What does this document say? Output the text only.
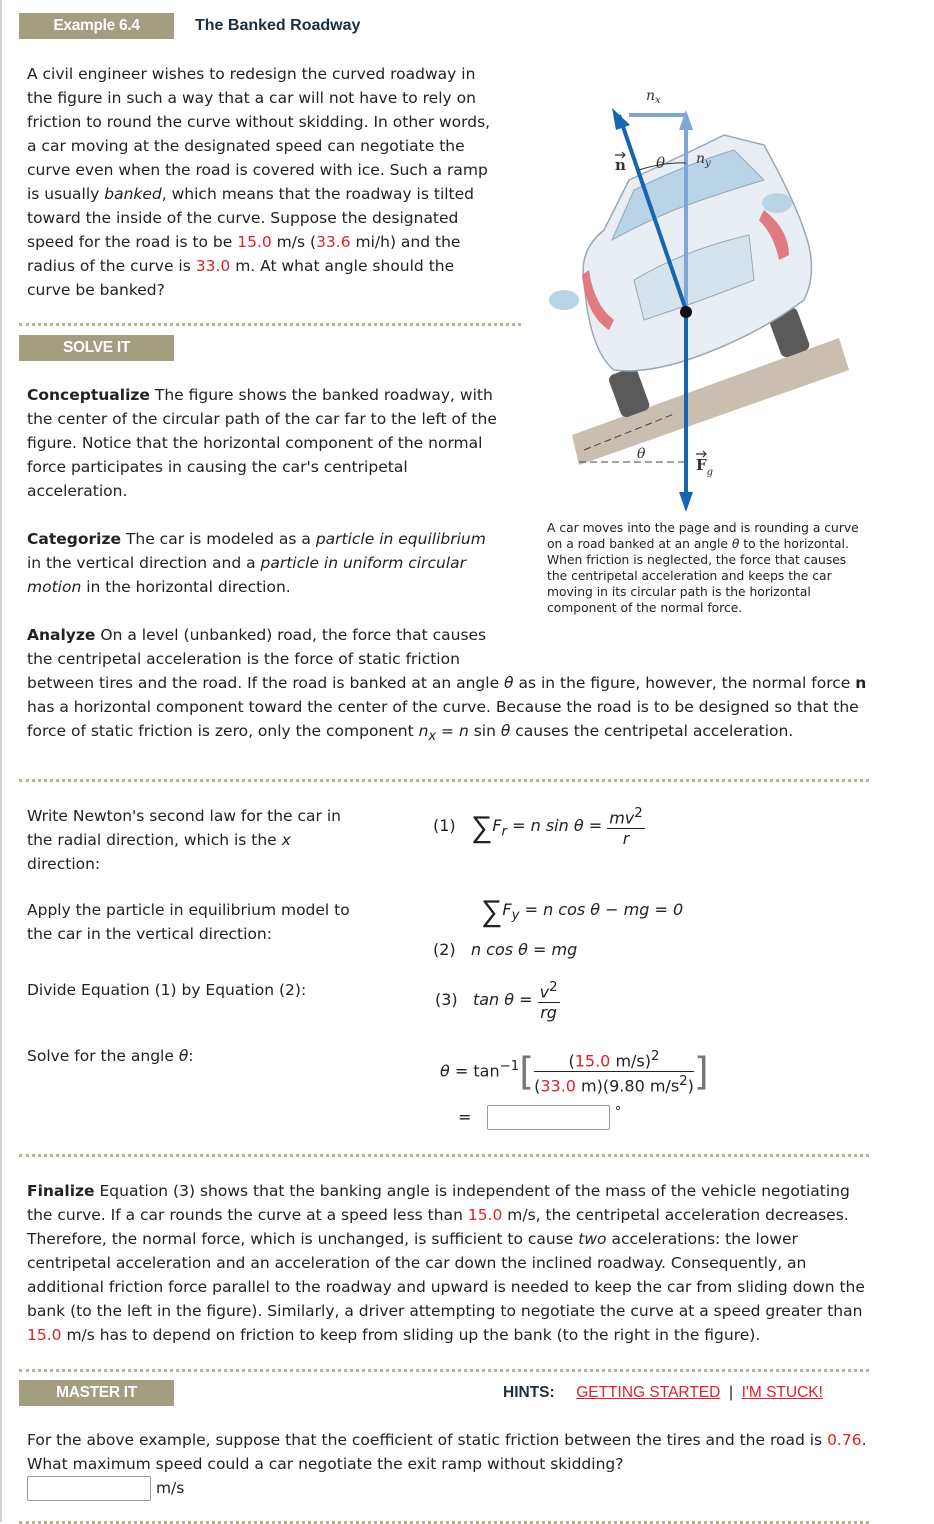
Example 6.4	The Banked Roadway
$n_x$
$n_y$
n θ
θ
$F_g$

A car moves into the page and is rounding a curve on a road banked at an angle θ to the horizontal. When friction is neglected, the force that causes the centripetal acceleration and keeps the car moving in its circular path is the horizontal component of the normal force.

A civil engineer wishes to redesign the curved roadway in the figure in such a way that a car will not have to rely on friction to round the curve without skidding. In other words, a car moving at the designated speed can negotiate the curve even when the road is covered with ice. Such a ramp is usually banked, which means that the roadway is tilted toward the inside of the curve. Suppose the designated speed for the road is to be 15.0 m/s (33.6 mi/h) and the radius of the curve is 33.0 m. At what angle should the curve be banked?

SOLVE IT

Conceptualize The figure shows the banked roadway, with the center of the circular path of the car far to the left of the figure. Notice that the horizontal component of the normal force participates in causing the car's centripetal acceleration.

Categorize The car is modeled as a particle in equilibrium in the vertical direction and a particle in uniform circular motion in the horizontal direction.

Analyze On a level (unbanked) road, the force that causes the centripetal acceleration is the force of static friction between tires and the road. If the road is banked at an angle θ as in the figure, however, the normal force n has a horizontal component toward the center of the curve. Because the road is to be designed so that the force of static friction is zero, only the component $n_x = n$ sin θ causes the centripetal acceleration.

Write Newton's second law for the car in the radial direction, which is the x direction:

(1) $\sum F_r = n$ $\sin \theta = \frac{mv^2}{r}$

Apply the particle in equilibrium model to the car in the vertical direction:

$\sum F_y = n$ cos θ − mg = 0
(2) n cos θ = mg

Divide Equation (1) by Equation (2):

(3) $\tan \theta = \frac{v^2}{rg}$

Solve for the angle θ:

$\theta = \tan^{-1}[ \frac{(15.0 m/s)^2}{(33.0 m)(9.80 m/s^2)}$ ]
=	°

Finalize Equation (3) shows that the banking angle is independent of the mass of the vehicle negotiating the curve. If a car rounds the curve at a speed less than 15.0 m/s, the centripetal acceleration decreases. Therefore, the normal force, which is unchanged, is sufficient to cause two accelerations: the lower centripetal acceleration and an acceleration of the car down the inclined roadway. Consequently, an additional friction force parallel to the roadway and upward is needed to keep the car from sliding down the bank (to the left in the figure). Similarly, a driver attempting to negotiate the curve at a speed greater than 15.0 m/s has to depend on friction to keep from sliding up the bank (to the right in the figure).

MASTER IT	HINTS: GETTING STARTED | I'M STUCK!
For the above example, suppose that the coefficient of static friction between the tires and the road is 0.76. What maximum speed could a car negotiate the exit ramp without skidding?
m/s
